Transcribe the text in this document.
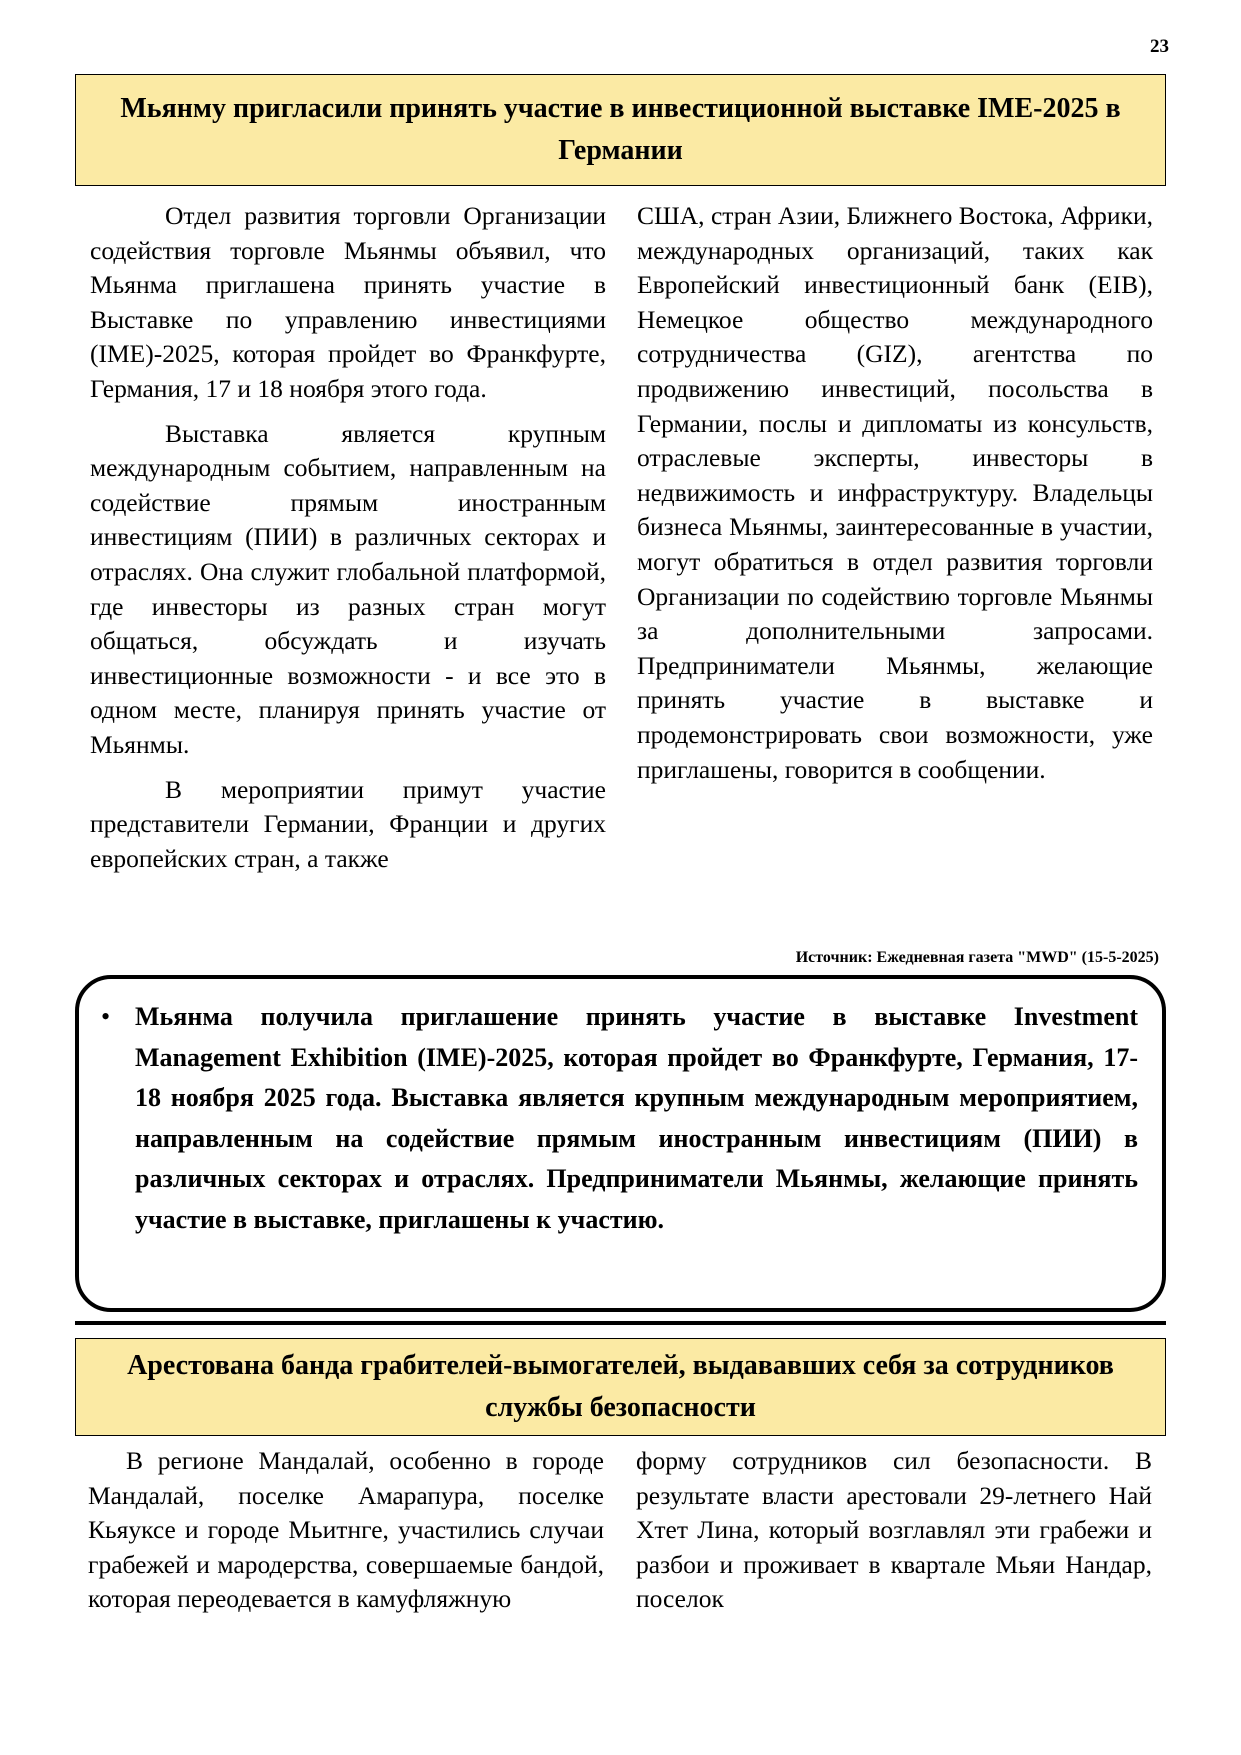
23
Мьянму пригласили принять участие в инвестиционной выставке IME-2025 в Германии

Отдел развития торговли Организации содействия торговле Мьянмы объявил, что Мьянма приглашена принять участие в Выставке по управлению инвестициями (IME)-2025, которая пройдет во Франкфурте, Германия, 17 и 18 ноября этого года.

Выставка является крупным международным событием, направленным на содействие прямым иностранным инвестициям (ПИИ) в различных секторах и отраслях. Она служит глобальной платформой, где инвесторы из разных стран могут общаться, обсуждать и изучать инвестиционные возможности - и все это в одном месте, планируя принять участие от Мьянмы.

В мероприятии примут участие представители Германии, Франции и других европейских стран, а также

США, стран Азии, Ближнего Востока, Африки, международных организаций, таких как Европейский инвестиционный банк (EIB), Немецкое общество международного сотрудничества (GIZ), агентства по продвижению инвестиций, посольства в Германии, послы и дипломаты из консульств, отраслевые эксперты, инвесторы в недвижимость и инфраструктуру. Владельцы бизнеса Мьянмы, заинтересованные в участии, могут обратиться в отдел развития торговли Организации по содействию торговле Мьянмы за дополнительными запросами. Предприниматели Мьянмы, желающие принять участие в выставке и продемонстрировать свои возможности, уже приглашены, говорится в сообщении.

Источник: Ежедневная газета "MWD" (15-5-2025)
• Мьянма получила приглашение принять участие в выставке Investment Management Exhibition (IME)-2025, которая пройдет во Франкфурте, Германия, 17-18 ноября 2025 года. Выставка является крупным международным мероприятием, направленным на содействие прямым иностранным инвестициям (ПИИ) в различных секторах и отраслях. Предприниматели Мьянмы, желающие принять участие в выставке, приглашены к участию.

Арестована банда грабителей-вымогателей, выдававших себя за сотрудников службы безопасности

В регионе Мандалай, особенно в городе Мандалай, поселке Амарапура, поселке Кьяуксе и городе Мьитнге, участились случаи грабежей и мародерства, совершаемые бандой, которая переодевается в камуфляжную

форму сотрудников сил безопасности. В результате власти арестовали 29-летнего Най Хтет Лина, который возглавлял эти грабежи и разбои и проживает в квартале Мьяи Нандар, поселок
